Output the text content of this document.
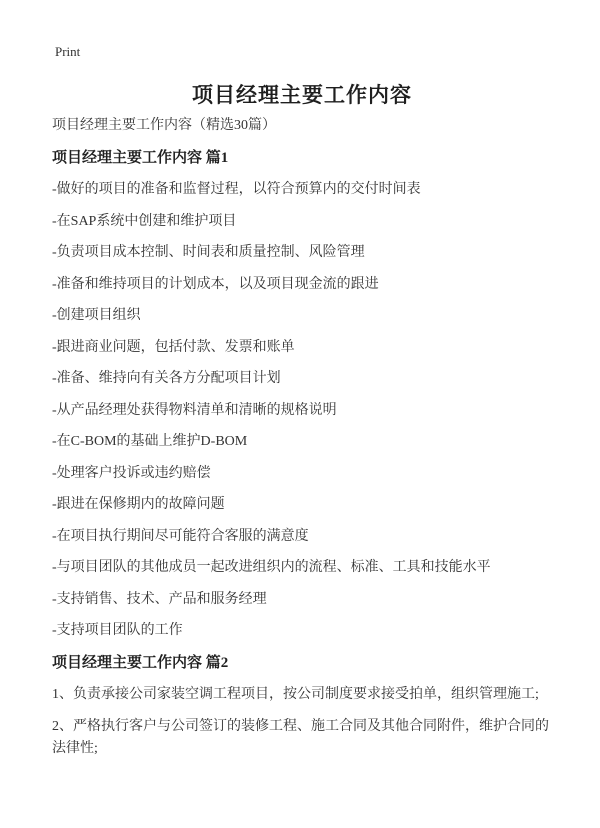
Print
项目经理主要工作内容

项目经理主要工作内容（精选30篇）

项目经理主要工作内容 篇1

-做好的项目的准备和监督过程，以符合预算内的交付时间表

-在SAP系统中创建和维护项目

-负责项目成本控制、时间表和质量控制、风险管理

-准备和维持项目的计划成本，以及项目现金流的跟进

-创建项目组织

-跟进商业问题，包括付款、发票和账单

-准备、维持向有关各方分配项目计划

-从产品经理处获得物料清单和清晰的规格说明

-在C-BOM的基础上维护D-BOM

-处理客户投诉或违约赔偿

-跟进在保修期内的故障问题

-在项目执行期间尽可能符合客服的满意度

-与项目团队的其他成员一起改进组织内的流程、标准、工具和技能水平

-支持销售、技术、产品和服务经理

-支持项目团队的工作

项目经理主要工作内容 篇2

1、负责承接公司家装空调工程项目，按公司制度要求接受拍单，组织管理施工;

2、严格执行客户与公司签订的装修工程、施工合同及其他合同附件，维护合同的法律性;
